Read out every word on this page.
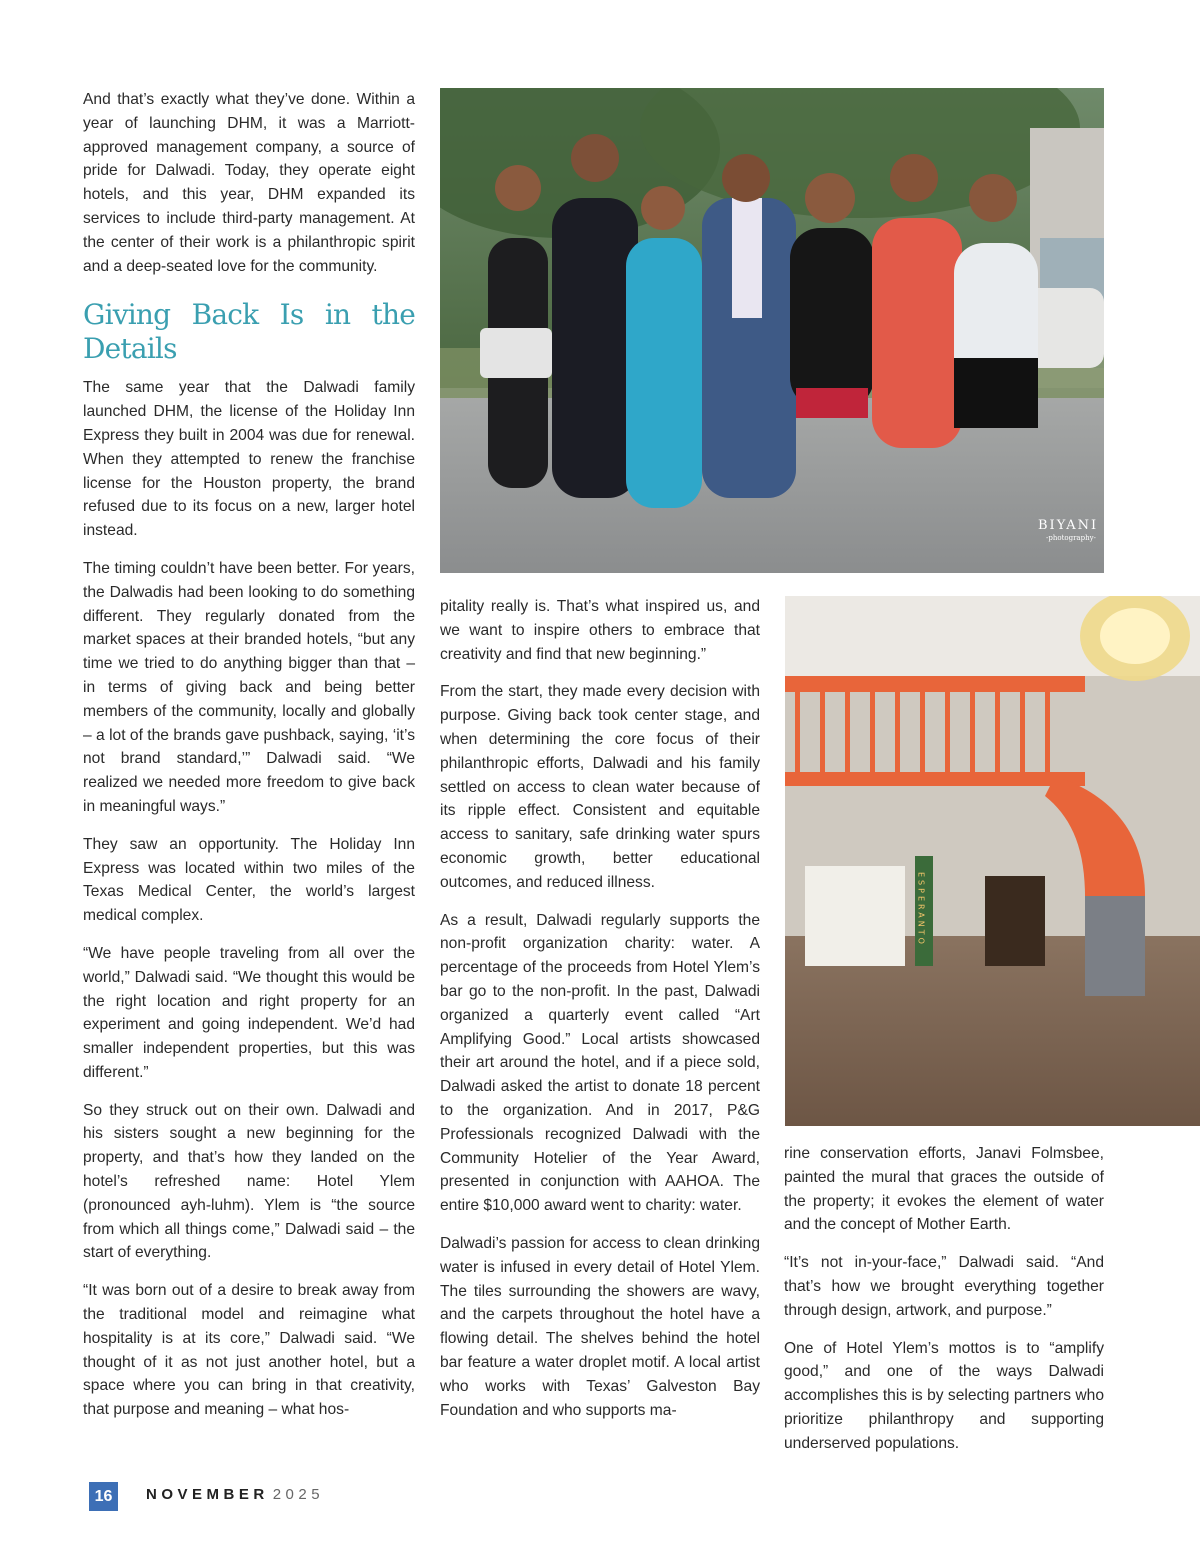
And that’s exactly what they’ve done. Within a year of launching DHM, it was a Marriott-approved management company, a source of pride for Dalwadi. Today, they operate eight hotels, and this year, DHM expanded its services to include third-party management. At the center of their work is a philanthropic spirit and a deep-seated love for the community.

Giving Back Is in the Details

The same year that the Dalwadi family launched DHM, the license of the Holiday Inn Express they built in 2004 was due for renewal. When they attempted to renew the franchise license for the Houston property, the brand refused due to its focus on a new, larger hotel instead.

The timing couldn’t have been better. For years, the Dalwadis had been looking to do something different. They regularly donated from the market spaces at their branded hotels, “but any time we tried to do anything bigger than that – in terms of giving back and being better members of the community, locally and globally – a lot of the brands gave pushback, saying, ‘it’s not brand standard,’” Dalwadi said. “We realized we needed more freedom to give back in meaningful ways.”

They saw an opportunity. The Holiday Inn Express was located within two miles of the Texas Medical Center, the world’s largest medical complex.

“We have people traveling from all over the world,” Dalwadi said. “We thought this would be the right location and right property for an experiment and going independent. We’d had smaller independent properties, but this was different.”

So they struck out on their own. Dalwadi and his sisters sought a new beginning for the property, and that’s how they landed on the hotel’s refreshed name: Hotel Ylem (pronounced ayh-luhm). Ylem is “the source from which all things come,” Dalwadi said – the start of everything.

“It was born out of a desire to break away from the traditional model and reimagine what hospitality is at its core,” Dalwadi said. “We thought of it as not just another hotel, but a space where you can bring in that creativity, that purpose and meaning – what hos-

BIYANI
-photography-

pitality really is. That’s what inspired us, and we want to inspire others to embrace that creativity and find that new beginning.”

From the start, they made every decision with purpose. Giving back took center stage, and when determining the core focus of their philanthropic efforts, Dalwadi and his family settled on access to clean water because of its ripple effect. Consistent and equitable access to sanitary, safe drinking water spurs economic growth, better educational outcomes, and reduced illness.

As a result, Dalwadi regularly supports the non-profit organization charity: water. A percentage of the proceeds from Hotel Ylem’s bar go to the non-profit. In the past, Dalwadi organized a quarterly event called “Art Amplifying Good.” Local artists showcased their art around the hotel, and if a piece sold, Dalwadi asked the artist to donate 18 percent to the organization. And in 2017, P&G Professionals recognized Dalwadi with the Community Hotelier of the Year Award, presented in conjunction with AAHOA. The entire $10,000 award went to charity: water.

Dalwadi’s passion for access to clean drinking water is infused in every detail of Hotel Ylem. The tiles surrounding the showers are wavy, and the carpets throughout the hotel have a flowing detail. The shelves behind the hotel bar feature a water droplet motif. A local artist who works with Texas’ Galveston Bay Foundation and who supports ma-

ESPERANTO

rine conservation efforts, Janavi Folmsbee, painted the mural that graces the outside of the property; it evokes the element of water and the concept of Mother Earth.

“It’s not in-your-face,” Dalwadi said. “And that’s how we brought everything together through design, artwork, and purpose.”

One of Hotel Ylem’s mottos is to “amplify good,” and one of the ways Dalwadi accomplishes this is by selecting partners who prioritize philanthropy and supporting underserved populations.

16	NOVEMBER 2025
